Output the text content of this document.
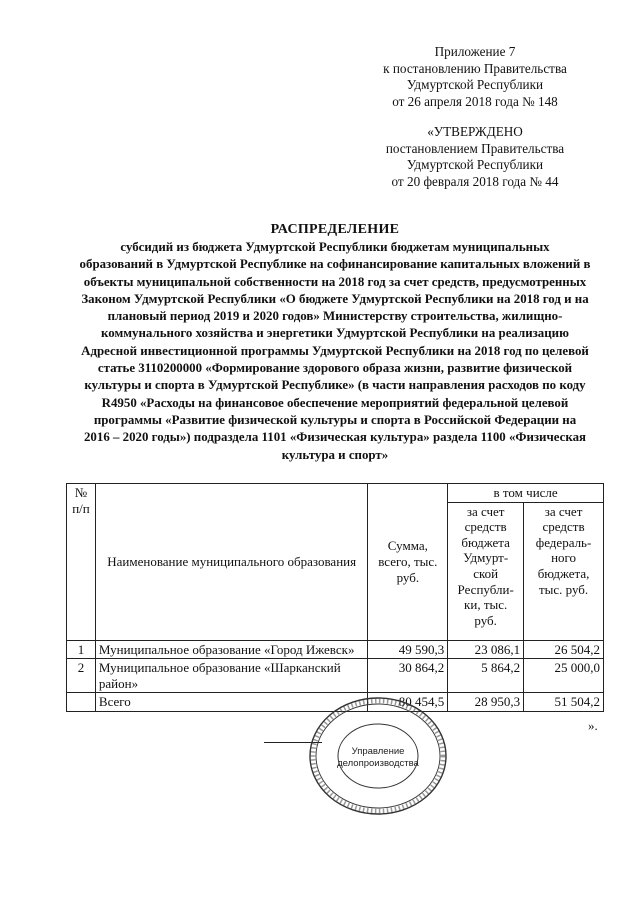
Приложение 7
к постановлению Правительства
Удмуртской Республики
от 26 апреля 2018 года № 148
«УТВЕРЖДЕНО
постановлением Правительства
Удмуртской Республики
от 20 февраля 2018 года № 44
РАСПРЕДЕЛЕНИЕ
субсидий из бюджета Удмуртской Республики бюджетам муниципальных
образований в Удмуртской Республике на софинансирование капитальных вложений в
объекты муниципальной собственности на 2018 год за счет средств, предусмотренных
Законом Удмуртской Республики «О бюджете Удмуртской Республики на 2018 год и на
плановый период 2019 и 2020 годов» Министерству строительства, жилищно-
коммунального хозяйства и энергетики Удмуртской Республики на реализацию
Адресной инвестиционной программы Удмуртской Республики на 2018 год по целевой
статье 3110200000 «Формирование здорового образа жизни, развитие физической
культуры и спорта в Удмуртской Республике» (в части направления расходов по коду
R4950 «Расходы на финансовое обеспечение мероприятий федеральной целевой
программы «Развитие физической культуры и спорта в Российской Федерации на
2016 – 2020 годы») подраздела 1101 «Физическая культура» раздела 1100 «Физическая
культура и спорт»
№ п/п	Наименование муниципального образования	Сумма, всего, тыс. руб.	в том числе	
			за счет средств бюджета Удмурт-ской Республи-ки, тыс. руб.	за счет средств федераль-ного бюджета, тыс. руб.
1	Муниципальное образование «Город Ижевск»	49 590,3	23 086,1	26 504,2
2	Муниципальное образование «Шарканский район»	30 864,2	5 864,2	25 000,0
	Всего	80 454,5	28 950,3	51 504,2
».
Управление
делопроизводства
